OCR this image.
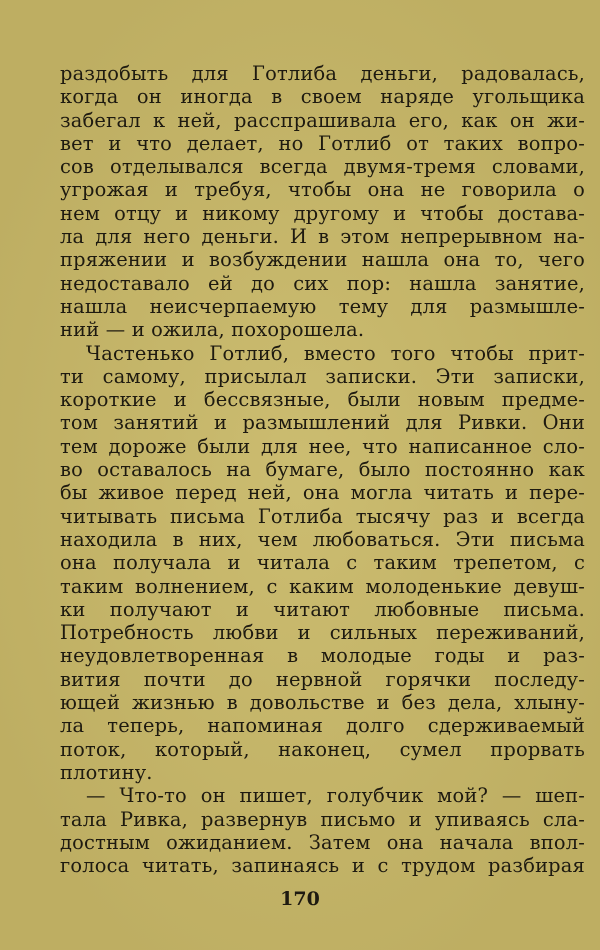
раздобыть для Готлиба деньги, радовалась,
когда он иногда в своем наряде угольщика
забегал к ней, расспрашивала его, как он жи-
вет и что делает, но Готлиб от таких вопро-
сов отделывался всегда двумя-тремя словами,
угрожая и требуя, чтобы она не говорила о
нем отцу и никому другому и чтобы достава-
ла для него деньги. И в этом непрерывном на-
пряжении и возбуждении нашла она то, чего
недоставало ей до сих пор: нашла занятие,
нашла неисчерпаемую тему для размышле-
ний — и ожила, похорошела.
Частенько Готлиб, вместо того чтобы прит-
ти самому, присылал записки. Эти записки,
короткие и бессвязные, были новым предме-
том занятий и размышлений для Ривки. Они
тем дороже были для нее, что написанное сло-
во оставалось на бумаге, было постоянно как
бы живое перед ней, она могла читать и пере-
читывать письма Готлиба тысячу раз и всегда
находила в них, чем любоваться. Эти письма
она получала и читала с таким трепетом, с
таким волнением, с каким молоденькие девуш-
ки получают и читают любовные письма.
Потребность любви и сильных переживаний,
неудовлетворенная в молодые годы и раз-
вития почти до нервной горячки последу-
ющей жизнью в довольстве и без дела, хлыну-
ла теперь, напоминая долго сдерживаемый
поток, который, наконец, сумел прорвать
плотину.
— Что-то он пишет, голубчик мой? — шеп-
тала Ривка, развернув письмо и упиваясь сла-
достным ожиданием. Затем она начала впол-
голоса читать, запинаясь и с трудом разбирая
170
